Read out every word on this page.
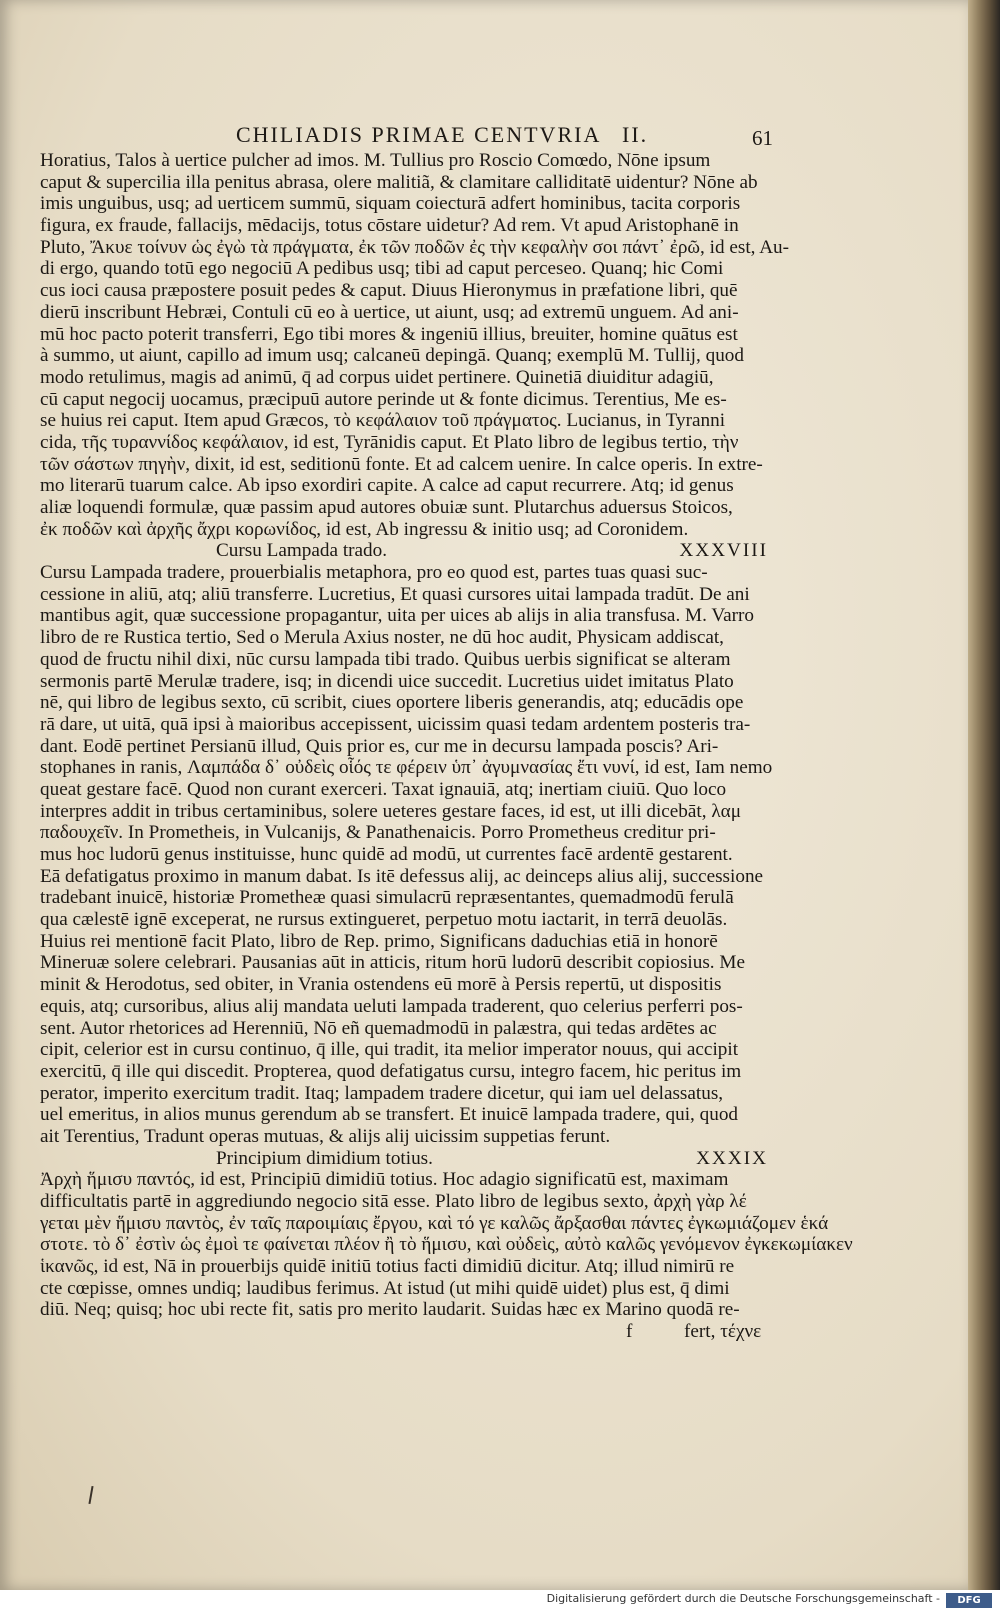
CHILIADIS PRIMAE CENTVRIA II.	61
Horatius, Talos à uertice pulcher ad imos. M. Tullius pro Roscio Comœdo, Nōne ipsum
caput & supercilia illa penitus abrasa, olere malitiã, & clamitare calliditatē uidentur? Nōne ab
imis unguibus, usq; ad uerticem summū, siquam coiecturā adfert hominibus, tacita corporis
figura, ex fraude, fallacijs, mēdacijs, totus cōstare uidetur? Ad rem. Vt apud Aristophanē in
Pluto, Ἄκυε τοίνυν ὡς ἐγὼ τὰ πράγματα, ἐκ τῶν ποδῶν ἐς τὴν κεφαλὴν σοι πάντ᾽ ἐρῶ, id est, Au-
di ergo, quando totū ego negociū A pedibus usq; tibi ad caput perceseo. Quanq; hic Comi
cus ioci causa præpostere posuit pedes & caput. Diuus Hieronymus in præfatione libri, quē
dierū inscribunt Hebræi, Contuli cū eo à uertice, ut aiunt, usq; ad extremū unguem. Ad ani-
mū hoc pacto poterit transferri, Ego tibi mores & ingeniū illius, breuiter, homine quātus est
à summo, ut aiunt, capillo ad imum usq; calcaneū depingā. Quanq; exemplū M. Tullij, quod
modo retulimus, magis ad animū, q̄ ad corpus uidet pertinere. Quinetiā diuiditur adagiū,
cū caput negocij uocamus, præcipuū autore perinde ut & fonte dicimus. Terentius, Me es-
se huius rei caput. Item apud Græcos, τὸ κεφάλαιον τοῦ πράγματος. Lucianus, in Tyranni
cida, τῆς τυραννίδος κεφάλαιον, id est, Tyrānidis caput. Et Plato libro de legibus tertio, τὴν
τῶν σάστων πηγὴν, dixit, id est, seditionū fonte. Et ad calcem uenire. In calce operis. In extre-
mo literarū tuarum calce. Ab ipso exordiri capite. A calce ad caput recurrere. Atq; id genus
aliæ loquendi formulæ, quæ passim apud autores obuiæ sunt. Plutarchus aduersus Stoicos,
ἐκ ποδῶν καὶ ἀρχῆς ἄχρι κορωνίδος, id est, Ab ingressu & initio usq; ad Coronidem.
Cursu Lampada trado.	XXXVIII
Cursu Lampada tradere, prouerbialis metaphora, pro eo quod est, partes tuas quasi suc-
cessione in aliū, atq; aliū transferre. Lucretius, Et quasi cursores uitai lampada tradūt. De ani
mantibus agit, quæ successione propagantur, uita per uices ab alijs in alia transfusa. M. Varro
libro de re Rustica tertio, Sed o Merula Axius noster, ne dū hoc audit, Physicam addiscat,
quod de fructu nihil dixi, nūc cursu lampada tibi trado. Quibus uerbis significat se alteram
sermonis partē Merulæ tradere, isq; in dicendi uice succedit. Lucretius uidet imitatus Plato
nē, qui libro de legibus sexto, cū scribit, ciues oportere liberis generandis, atq; educādis ope
rā dare, ut uitā, quā ipsi à maioribus accepissent, uicissim quasi tedam ardentem posteris tra-
dant. Eodē pertinet Persianū illud, Quis prior es, cur me in decursu lampada poscis? Ari-
stophanes in ranis, Λαμπάδα δ᾽ οὐδεὶς οἷός τε φέρειν ὑπ᾽ ἀγυμνασίας ἔτι νυνί, id est, Iam nemo
queat gestare facē. Quod non curant exerceri. Taxat ignauiā, atq; inertiam ciuiū. Quo loco
interpres addit in tribus certaminibus, solere ueteres gestare faces, id est, ut illi dicebāt, λαμ
παδουχεῖν. In Prometheis, in Vulcanijs, & Panathenaicis. Porro Prometheus creditur pri-
mus hoc ludorū genus instituisse, hunc quidē ad modū, ut currentes facē ardentē gestarent.
Eā defatigatus proximo in manum dabat. Is itē defessus alij, ac deinceps alius alij, successione
tradebant inuicē, historiæ Prometheæ quasi simulacrū repræsentantes, quemadmodū ferulā
qua cælestē ignē exceperat, ne rursus extingueret, perpetuo motu iactarit, in terrā deuolās.
Huius rei mentionē facit Plato, libro de Rep. primo, Significans daduchias etiā in honorē
Mineruæ solere celebrari. Pausanias aūt in atticis, ritum horū ludorū describit copiosius. Me
minit & Herodotus, sed obiter, in Vrania ostendens eū morē à Persis repertū, ut dispositis
equis, atq; cursoribus, alius alij mandata ueluti lampada traderent, quo celerius perferri pos-
sent. Autor rhetorices ad Herenniū, Nō eñ quemadmodū in palæstra, qui tedas ardētes ac
cipit, celerior est in cursu continuo, q̄ ille, qui tradit, ita melior imperator nouus, qui accipit
exercitū, q̄ ille qui discedit. Propterea, quod defatigatus cursu, integro facem, hic peritus im
perator, imperito exercitum tradit. Itaq; lampadem tradere dicetur, qui iam uel delassatus,
uel emeritus, in alios munus gerendum ab se transfert. Et inuicē lampada tradere, qui, quod
ait Terentius, Tradunt operas mutuas, & alijs alij uicissim suppetias ferunt.
Principium dimidium totius.	XXXIX
Ἀρχὴ ἥμισυ παντός, id est, Principiū dimidiū totius. Hoc adagio significatū est, maximam
difficultatis partē in aggrediundo negocio sitā esse. Plato libro de legibus sexto, ἀρχὴ γὰρ λέ
γεται μὲν ἥμισυ παντὸς, ἐν ταῖς παροιμίαις ἔργου, καὶ τό γε καλῶς ἄρξασθαι πάντες ἐγκωμιάζομεν ἑκά
στοτε. τὸ δ᾽ ἐστὶν ὡς ἐμοὶ τε φαίνεται πλέον ἢ τὸ ἥμισυ, καὶ οὐδεὶς, αὐτὸ καλῶς γενόμενον ἐγκεκωμίακεν
ἱκανῶς, id est, Nā in prouerbijs quidē initiū totius facti dimidiū dicitur. Atq; illud nimirū re
cte cœpisse, omnes undiq; laudibus ferimus. At istud (ut mihi quidē uidet) plus est, q̄ dimi
diū. Neq; quisq; hoc ubi recte fit, satis pro merito laudarit. Suidas hæc ex Marino quodā re-
f	fert, τέχνε
Digitalisierung gefördert durch die Deutsche Forschungsgemeinschaft -	DFG
